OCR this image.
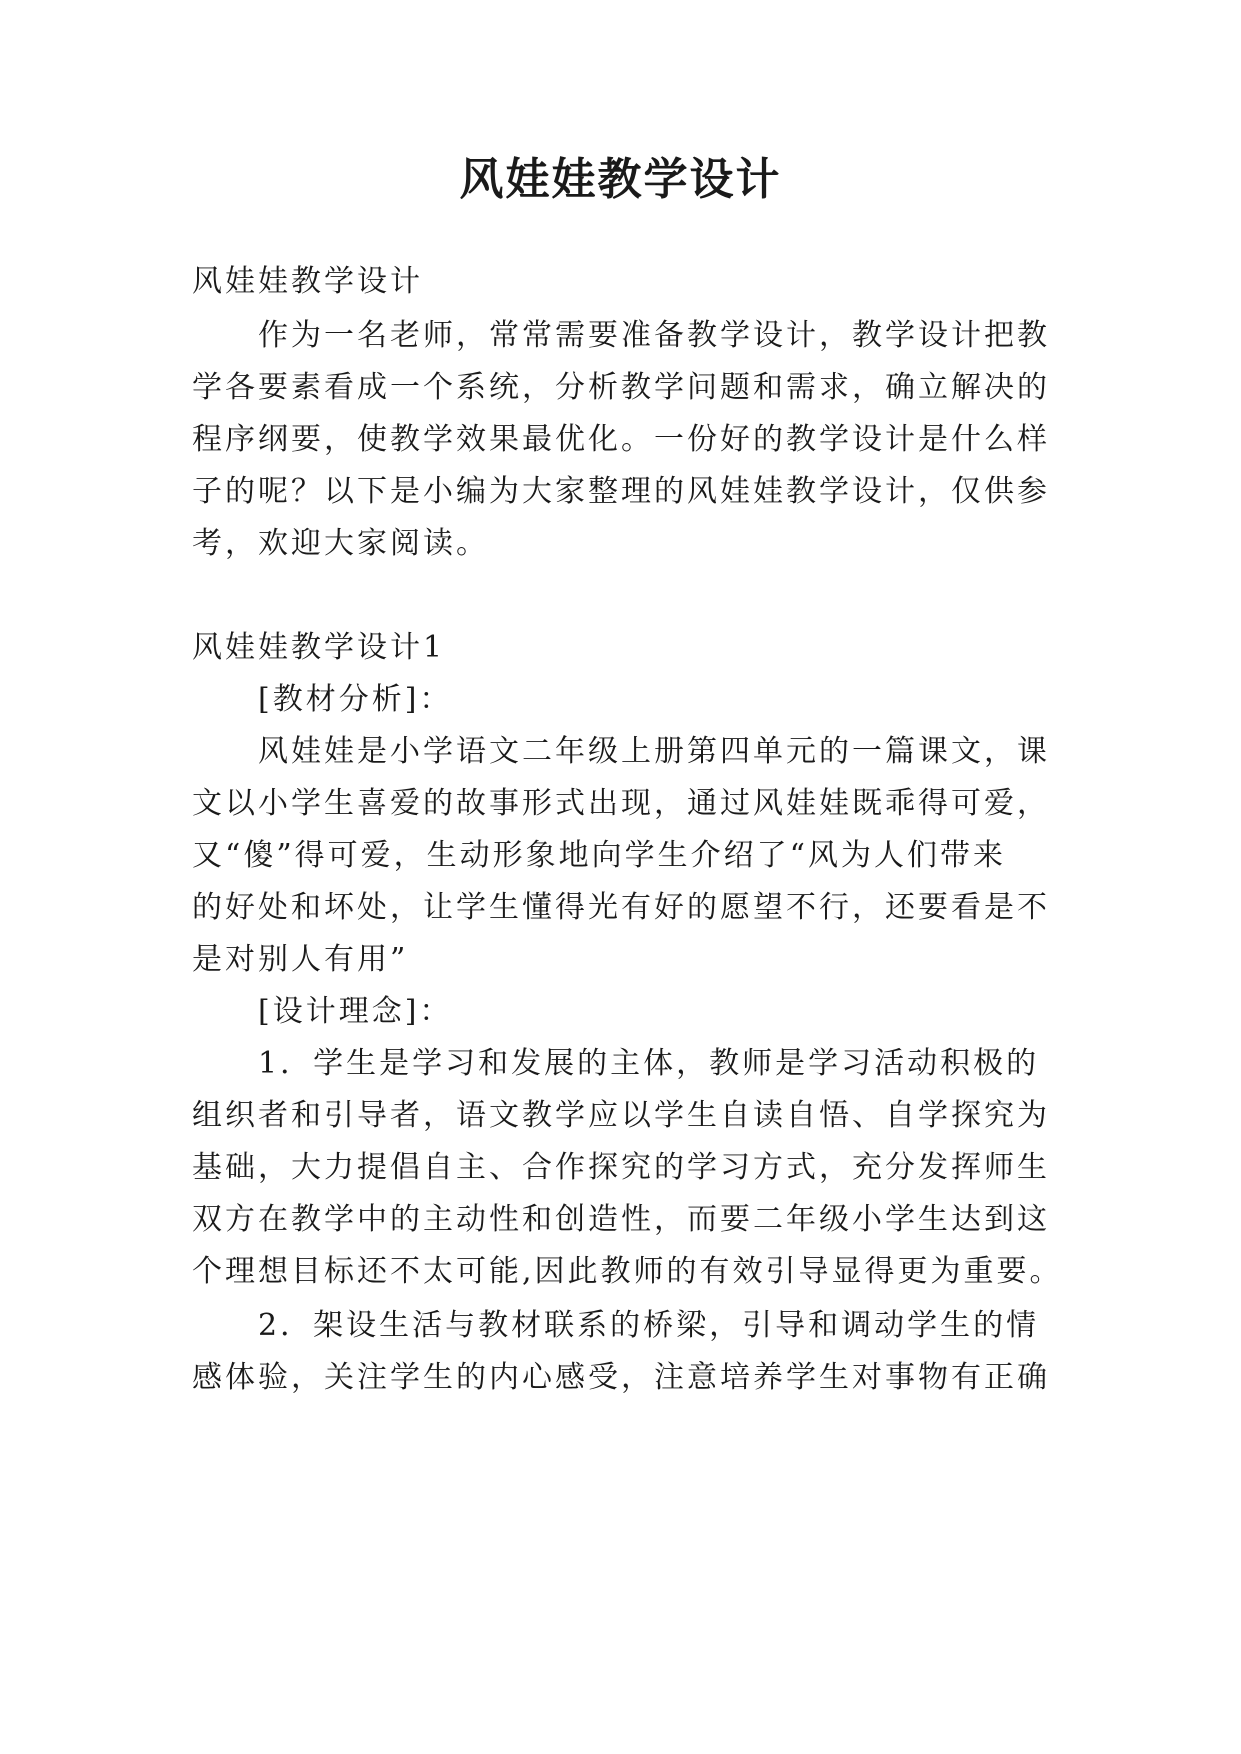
风娃娃教学设计

风娃娃教学设计

作为一名老师，常常需要准备教学设计，教学设计把教

学各要素看成一个系统，分析教学问题和需求，确立解决的

程序纲要，使教学效果最优化。一份好的教学设计是什么样

子的呢？以下是小编为大家整理的风娃娃教学设计，仅供参

考，欢迎大家阅读。

风娃娃教学设计1

[教材分析]：

风娃娃是小学语文二年级上册第四单元的一篇课文，课

文以小学生喜爱的故事形式出现，通过风娃娃既乖得可爱，

又“傻”得可爱，生动形象地向学生介绍了“风为人们带来

的好处和坏处，让学生懂得光有好的愿望不行，还要看是不

是对别人有用”

[设计理念]：

1．学生是学习和发展的主体，教师是学习活动积极的

组织者和引导者，语文教学应以学生自读自悟、自学探究为

基础，大力提倡自主、合作探究的学习方式，充分发挥师生

双方在教学中的主动性和创造性，而要二年级小学生达到这

个理想目标还不太可能,因此教师的有效引导显得更为重要。

2．架设生活与教材联系的桥梁，引导和调动学生的情

感体验，关注学生的内心感受，注意培养学生对事物有正确
